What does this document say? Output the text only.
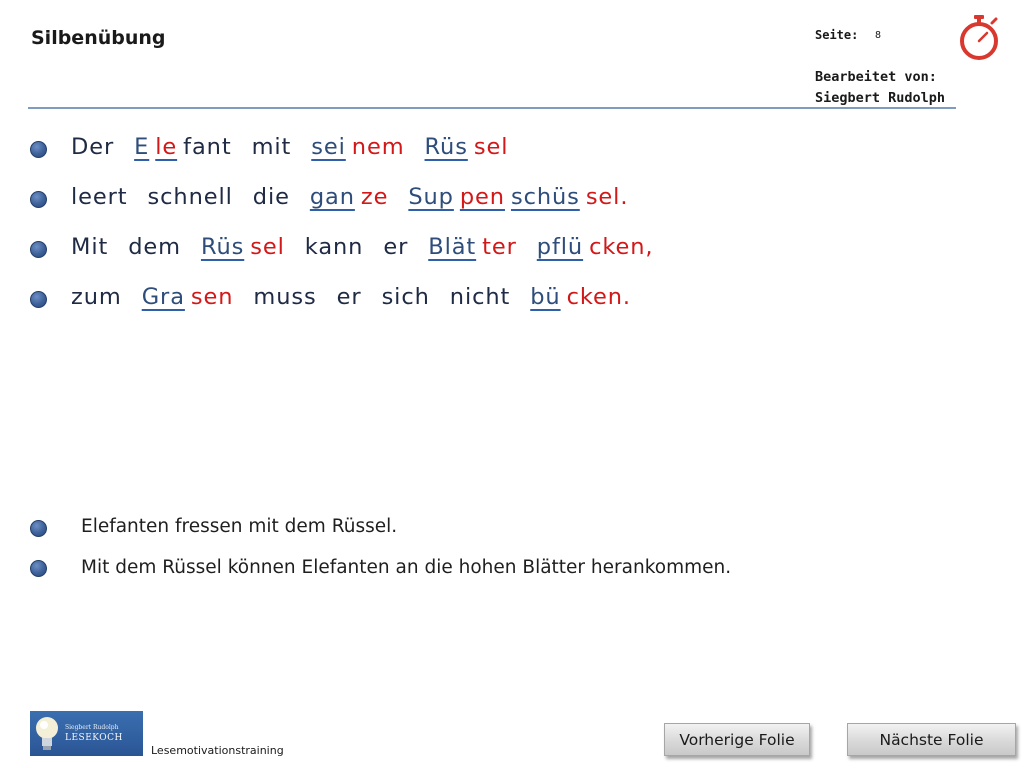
Silbenübung	Seite: 8
Bearbeitet von:
Siegbert Rudolph
Der E le fant mit sei nem Rüs sel
leert schnell die gan ze Sup pen schüs sel.
Mit dem Rüs sel kann er Blät ter pflü cken,
zum Gra sen muss er sich nicht bü cken.
Elefanten fressen mit dem Rüssel.
Mit dem Rüssel können Elefanten an die hohen Blätter herankommen.
Siegbert Rudolph
LESEKOCH
Lesemotivationstraining
Vorherige Folie	Nächste Folie
